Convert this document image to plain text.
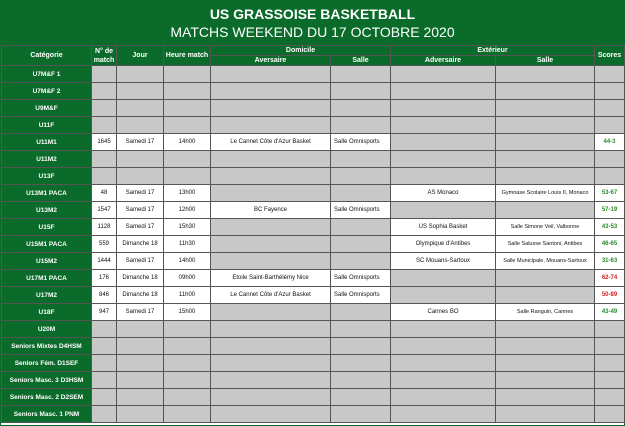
US GRASSOISE BASKETBALL
MATCHS WEEKEND DU 17 OCTOBRE 2020
Catégorie	N° de match	Jour	Heure match	Domicile		Extérieur		Scores
				Aversaire	Salle	Adversaire	Salle	
U7M&F 1								
U7M&F 2								
U9M&F								
U11F								
U11M1	1645	Samedi 17	14h00	Le Cannet Côte d'Azur Basket	Salle Omnisports			44-3
U11M2								
U13F								
U13M1 PACA	48	Samedi 17	13h00			AS Monaco	Gymnase Scolaire Louis II, Monaco	53-67
U13M2	1547	Samedi 17	12h00	BC Fayence	Salle Omnisports			57-19
U15F	1128	Samedi 17	15h30			US Sophia Basket	Salle Simone Veil, Valbonne	43-53
U15M1 PACA	559	Dimanche 18	11h30			Olympique d'Antibes	Salle Salusse Santoni, Antibes	46-65
U15M2	1444	Samedi 17	14h00			SC Mouans-Sartoux	Salle Municipale, Mouans-Sartoux	31-63
U17M1 PACA	176	Dimanche 18	09h00	Etoile Saint-Barthélémy Nice	Salle Omnisports			62-74
U17M2	846	Dimanche 18	11h00	Le Cannet Côte d'Azur Basket	Salle Omnisports			50-89
U18F	947	Samedi 17	15h00			Cannes BO	Salle Ranguin, Cannes	43-49
U20M								
Seniors Mixtes D4HSM								
Seniors Fém. D1SEF								
Seniors Masc. 3 D3HSM								
Seniors Masc. 2 D2SEM								
Seniors Masc. 1 PNM								
